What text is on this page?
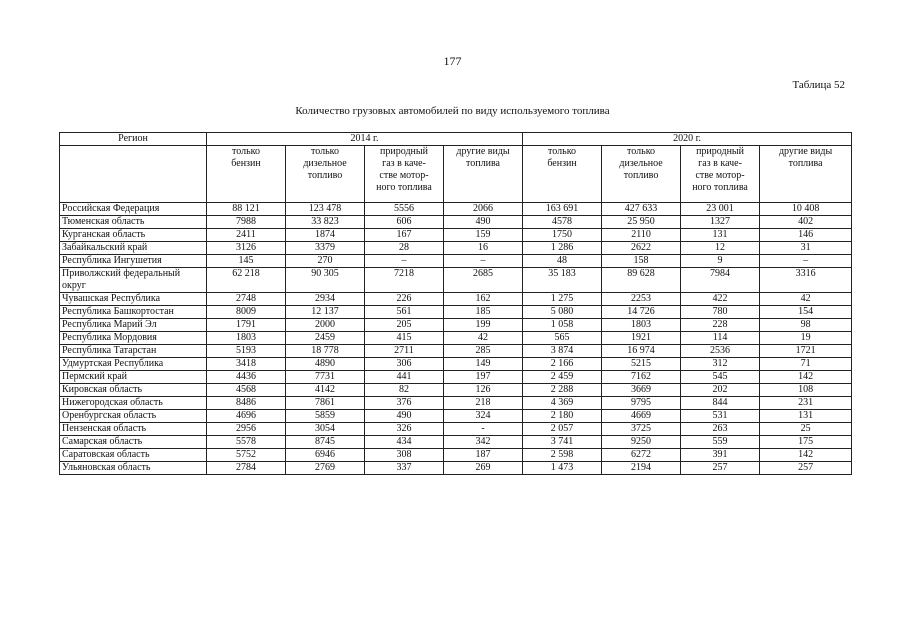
177
Таблица 52
Количество грузовых автомобилей по виду используемого топлива
Регион	2014 г.				2020 г.			
	только
бензин	только
дизельное
топливо	природный
газ в каче-
стве мотор-
ного топлива	другие виды
топлива	только
бензин	только
дизельное
топливо	природный
газ в каче-
стве мотор-
ного топлива	другие виды
топлива
Российская Федерация	88 121	123 478	5556	2066	163 691	427 633	23 001	10 408
Тюменская область	7988	33 823	606	490	4578	25 950	1327	402
Курганская область	2411	1874	167	159	1750	2110	131	146
Забайкальский край	3126	3379	28	16	1 286	2622	12	31
Республика Ингушетия	145	270	–	–	48	158	9	–
Приволжский федеральный округ	62 218	90 305	7218	2685	35 183	89 628	7984	3316
Чувашская Республика	2748	2934	226	162	1 275	2253	422	42
Республика Башкортостан	8009	12 137	561	185	5 080	14 726	780	154
Республика Марий Эл	1791	2000	205	199	1 058	1803	228	98
Республика Мордовия	1803	2459	415	42	565	1921	114	19
Республика Татарстан	5193	18 778	2711	285	3 874	16 974	2536	1721
Удмуртская Республика	3418	4890	306	149	2 166	5215	312	71
Пермский край	4436	7731	441	197	2 459	7162	545	142
Кировская область	4568	4142	82	126	2 288	3669	202	108
Нижегородская область	8486	7861	376	218	4 369	9795	844	231
Оренбургская область	4696	5859	490	324	2 180	4669	531	131
Пензенская область	2956	3054	326	-	2 057	3725	263	25
Самарская область	5578	8745	434	342	3 741	9250	559	175
Саратовская область	5752	6946	308	187	2 598	6272	391	142
Ульяновская область	2784	2769	337	269	1 473	2194	257	257
